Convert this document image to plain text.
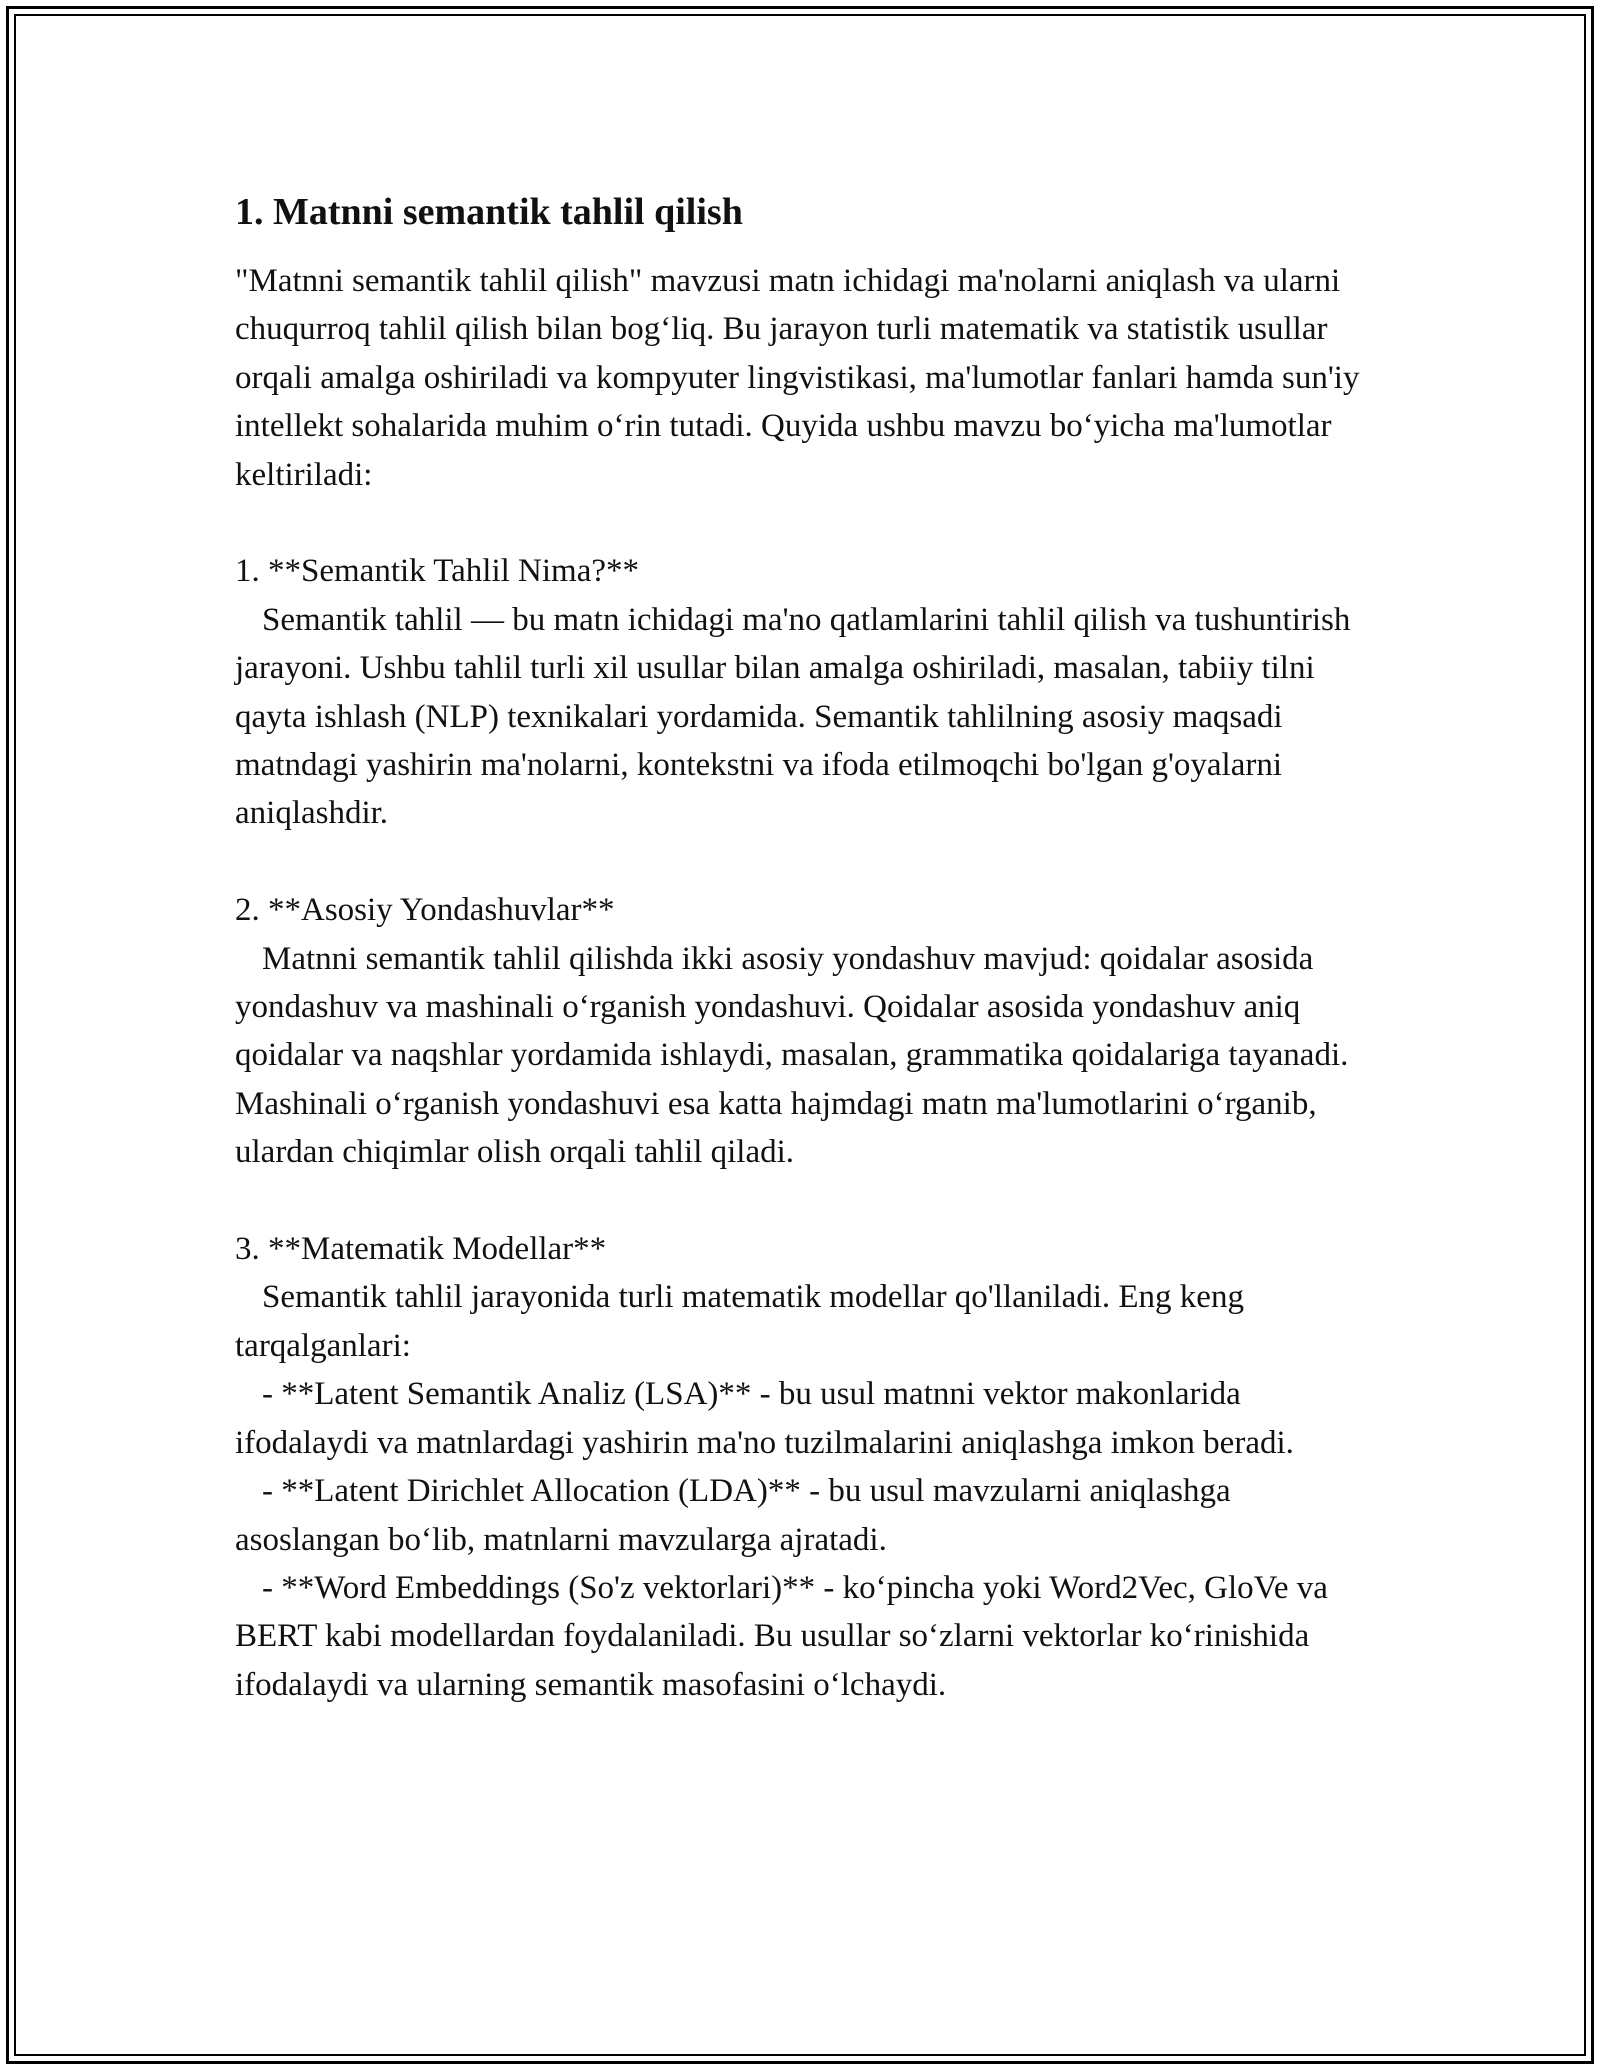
1. Matnni semantik tahlil qilish

"Matnni semantik tahlil qilish" mavzusi matn ichidagi ma'nolarni aniqlash va ularni chuqurroq tahlil qilish bilan bog‘liq. Bu jarayon turli matematik va statistik usullar orqali amalga oshiriladi va kompyuter lingvistikasi, ma'lumotlar fanlari hamda sun'iy intellekt sohalarida muhim o‘rin tutadi. Quyida ushbu mavzu bo‘yicha ma'lumotlar keltiriladi:

1. **Semantik Tahlil Nima?**

Semantik tahlil — bu matn ichidagi ma'no qatlamlarini tahlil qilish va tushuntirish jarayoni. Ushbu tahlil turli xil usullar bilan amalga oshiriladi, masalan, tabiiy tilni qayta ishlash (NLP) texnikalari yordamida. Semantik tahlilning asosiy maqsadi matndagi yashirin ma'nolarni, kontekstni va ifoda etilmoqchi bo'lgan g'oyalarni aniqlashdir.

2. **Asosiy Yondashuvlar**

Matnni semantik tahlil qilishda ikki asosiy yondashuv mavjud: qoidalar asosida yondashuv va mashinali o‘rganish yondashuvi. Qoidalar asosida yondashuv aniq qoidalar va naqshlar yordamida ishlaydi, masalan, grammatika qoidalariga tayanadi. Mashinali o‘rganish yondashuvi esa katta hajmdagi matn ma'lumotlarini o‘rganib, ulardan chiqimlar olish orqali tahlil qiladi.

3. **Matematik Modellar**

Semantik tahlil jarayonida turli matematik modellar qo'llaniladi. Eng keng tarqalganlari:

- **Latent Semantik Analiz (LSA)** - bu usul matnni vektor makonlarida ifodalaydi va matnlardagi yashirin ma'no tuzilmalarini aniqlashga imkon beradi.

- **Latent Dirichlet Allocation (LDA)** - bu usul mavzularni aniqlashga asoslangan bo‘lib, matnlarni mavzularga ajratadi.

- **Word Embeddings (So'z vektorlari)** - ko‘pincha yoki Word2Vec, GloVe va BERT kabi modellardan foydalaniladi. Bu usullar so‘zlarni vektorlar ko‘rinishida ifodalaydi va ularning semantik masofasini o‘lchaydi.
